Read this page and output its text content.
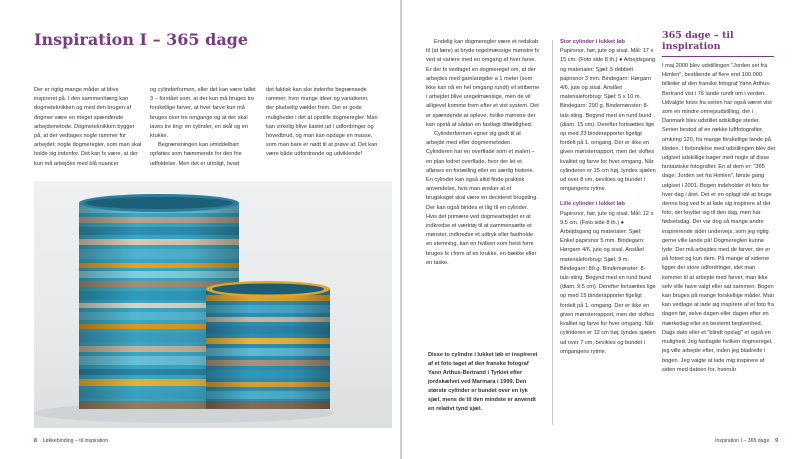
Inspiration I – 365 dage

Der er rigtig mange måder at blive inspireret på. I den sammenhæng kan dogmeteknikken og med den brugen af dogmer være en meget spændende arbejdsmetode. Dogmeteknikken bygger på, at der vedtages nogle rammer for arbejdet; nogle dogmeregler, som man skal holde sig indenfor. Det kan fx være, at der kun må arbejdes med blå nuancer

og cylinderformen, eller det kan være tallet 3 – forstået som, at der kun må bruges tre forskellige farver, at hver farve kun må bruges over tre omgange og at der skal laves tre ting: en cylinder, en skål og en krukke.

Begrænsningen kan umiddelbart opfattes som hæmmende for den frie udfoldelse. Men det er utroligt, hvad

det faktisk kan ske indenfor begrænsede rammer; hvor mange ideer og variationer, der pludselig vælder frem. Der er gode muligheder i det at opstille dogmeregler. Man kan virkelig blive kastet ud i udfordringer og hovedbrud, og man kan opdage en masse, som man bare er nødt til at prøve af. Det kan være både udfordrende og udviklende!

8 Løkkebinding – til inspiration

Endelig kan dogmeregler være et redskab til (at lære) at bryde regelmæssige mønstre fx ved at variere med en omgang af hver farve. Er der fx vedtaget en dogmeregel om, at der arbejdes med gamlarøgder a 1 meter (som ikke kan nå en hel omgang rundt) vil striberne i arbejdet blive uregelmæssige, men de vil alligevel komme frem efter et vist system. Det er spændende at opleve, hvilke mønstre der kan opstå af sådan en fastlagt tilfældighed.

Cylinderformen egner sig godt til at arbejde med efter dogmemetoden. Cylinderen har en overflade som et maleri – en plan lodret overflade, hvor der let et afløses en fortælling eller en særlig historie. En cylinder kan også altid finde praktisk anvendelse, hvis man ønsker at et brugskaget skal være en decideret brugsting. Der kan også bindes et låg til en cylinder. Hvis det primære ved dogmearbejdet er at indkredse et værktøj til at sammensætte et mønster, indkredse et udtryk eller fastholde en stemning, kan en hvilken som helst form bruges fx i form af en krukke, en bække eller en taske.

Disse to cylindre i lukket løb er inspireret af et foto taget af den franske fotograf Yann Arthus-Bertrand i Tyrkiet efter jordskælvet ved Marmara i 1999. Den største cylinder er bundet over en tyk sjæl, mens de til den mindste er anvendt en relativt tynd sjæl.

Stor cylinder i lukket løb

Papirsnor, hør, jute og sisal. Mål: 17 x 15 cm. (Foto side 8 th.) ● Arbejdsgang og materialer: Sjæl: 5 dobbelt papirsnor 3 mm. Bindegarn: Hørgarn 4/6, jute og sisal. Anslået materialeforbrug: Sjæl: 5 x 10 m. Bindegarn: 290 g. Bindemønster: 8-tals-sting. Begynd med en rund bund (diam. 15 cm). Derefter fortsættes lige op med 23 binderapporter ligeligt fordelt på 1. omgang. Der er ikke en given mønsterrapport, men der skiftes kvalitet og farve for hver omgang. Når cylinderen er 15 cm høj, tyndes sjælen ud over 8 cm, bevikles og bundet i omgangens rytme.

Lille cylinder i lukket løb

Papirsnor, hør, jute og sisal. Mål: 12 x 9.5 cm. (Foto side 8 th.) ● Arbejdsgang og materialer: Sjæl: Enkel papirsnor 5 mm. Bindegarn: Hørgarn 4/6, jute og sisal. Anslået materialeforbrug: Sjæl: 9 m. Bindegarn: 80 g. Bindemønster: 8-tals-sting. Begynd med en rund bund (diam. 9.5 cm). Derefter fortsættes lige op med 15 binderapporter ligeligt fordelt på 1. omgang. Der er ikke en given mønsterrapport, men der skiftes kvalitet og farve for hver omgang. Når cylinderen er 12 cm høj, tyndes sjælen ud over 7 cm, bevikles og bundet i omgangens rytme.

365 dage – til inspiration

I maj 2000 blev udstillingen "Jorden set fra Himlen", bestående af flere end 100.000 billeder af den franske fotograf Yann Arthus-Bertrand vist i 76 lande rundt om i verden. Udvalgte fotos fra serien har også været vist som en mindre omrejsudstilling, der i Danmark blev udstillet adskillige steder. Serien bestod af en række luftfotografier, omkring 120, fra mange forskellige lande på kloden. I forbindelse med udstillingen blev der udgivet adskillige bøger med nogle af disse fantastiske fotografier. En af dem er: "365 dage: Jorden set fra Himlen", første gang udgivet i 2001. Bogen indeholder ét foto for hver dag i året. Det er en oplagt idé at bruge denne bog ved fx at lade sig inspirere af det foto, der knytter sig til den dag, men har fødselsdag. Der var dog så mange andre inspirerende sider undervejs, som jeg rigtig gerne ville lande på! Dogmereglen kunne lyde: Der må arbejdes med de farver, der er på fotoet og kun dem. På mange af siderne ligger der store udfordringer, idet man kommer til at arbejde med farver, man ikke selv ville have valgt eller sat sammen. Bogen kan bruges på mange forskellige måder. Man kan vedtage at lade sig inspirere af et foto fra dagen før, selve dagen eller dagen efter en mærkedag eller en bestemt begivenhed. Dags dato eller et "blindt opslag" er også en mulighed. Jeg fastlagde hvilken dogmeregel, jeg ville arbejde efter, inden jeg bladrede i bogen. Jeg valgte at lade mig inspirere af siden med datoen for, hvornår

Inspiration I – 365 dage 9
